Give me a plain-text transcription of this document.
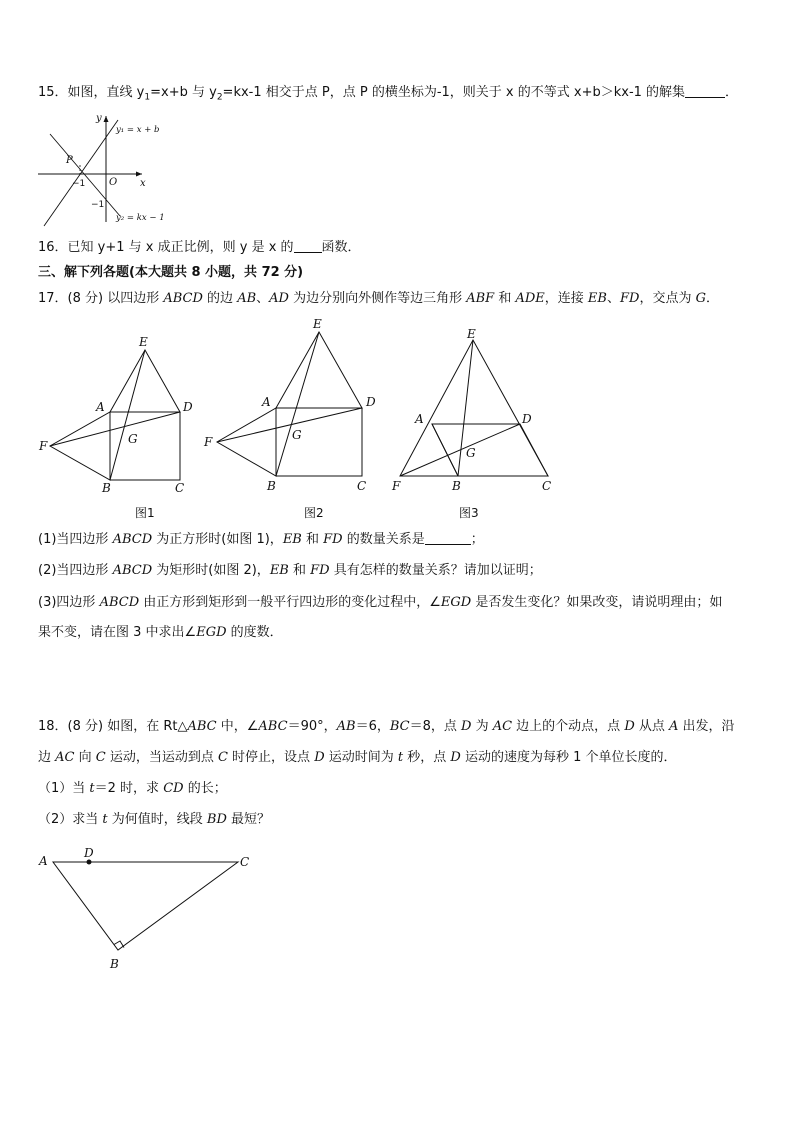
15．如图，直线 $y_1=x+b$ 与 $y_2=kx-1$ 相交于点 P，点 P 的横坐标为-1，则关于 x 的不等式 x+b＞kx-1 的解集	．
y
x
O
P
−1
−1
y₁ = x + b
y₂ = kx − 1
16．已知 y+1 与 x 成正比例，则 y 是 x 的 函数．
三、解下列各题(本大题共 8 小题，共 72 分)
17．(8 分) 以四边形 ABCD 的边 AB、AD 为边分别向外侧作等边三角形 ABF 和 ADE，连接 EB、FD，交点为 G．
E
A	D
F	G
B	C
图1
E
A	D
F	G
B	C
图2
E
A	D
F
G
B	C
图3
(1)当四边形 ABCD 为正方形时(如图 1)，EB 和 FD 的数量关系是	；
(2)当四边形 ABCD 为矩形时(如图 2)，EB 和 FD 具有怎样的数量关系？请加以证明；
(3)四边形 ABCD 由正方形到矩形到一般平行四边形的变化过程中，∠EGD 是否发生变化？如果改变，请说明理由；如
果不变，请在图 3 中求出∠EGD 的度数．
18．(8 分) 如图，在 Rt△ABC 中，∠ABC＝90°，AB＝6，BC＝8，点 D 为 AC 边上的个动点，点 D 从点 A 出发，沿
边 AC 向 C 运动，当运动到点 C 时停止，设点 D 运动时间为 t 秒，点 D 运动的速度为每秒 1 个单位长度的．
（1）当 t＝2 时，求 CD 的长；
（2）求当 t 为何值时，线段 BD 最短？
A
D
C
B
